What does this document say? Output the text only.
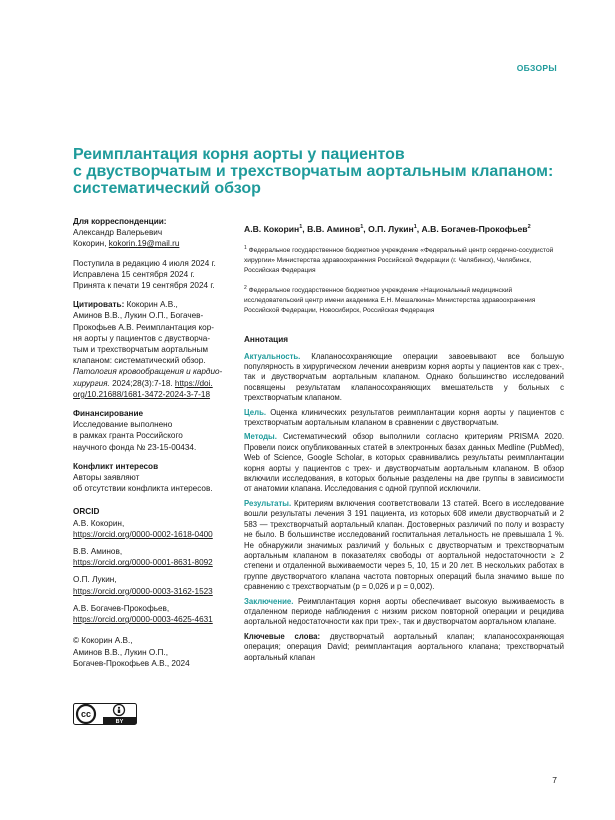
ОБЗОРЫ
Реимплантация корня аорты у пациентов
с двустворчатым и трехстворчатым аортальным клапаном:
систематический обзор
Для корреспонденции:
Александр Валерьевич
Кокорин, kokorin.19@mail.ru
Поступила в редакцию 4 июля 2024 г.
Исправлена 15 сентября 2024 г.
Принята к печати 19 сентября 2024 г.
Цитировать: Кокорин А.В.,
Аминов В.В., Лукин О.П., Богачев-
Прокофьев А.В. Реимплантация кор-
ня аорты у пациентов с двустворча-
тым и трехстворчатым аортальным
клапаном: систематический обзор.
Патология кровообращения и кардио-
хирургия. 2024;28(3):7-18. https://doi.
org/10.21688/1681-3472-2024-3-7-18
Финансирование
Исследование выполнено
в рамках гранта Российского
научного фонда № 23-15-00434.
Конфликт интересов
Авторы заявляют
об отсутствии конфликта интересов.
ORCID
А.В. Кокорин,
https://orcid.org/0000-0002-1618-0400
В.В. Аминов,
https://orcid.org/0000-0001-8631-8092
О.П. Лукин,
https://orcid.org/0000-0003-3162-1523
А.В. Богачев-Прокофьев,
https://orcid.org/0000-0003-4625-4631
© Кокорин А.В.,
Аминов В.В., Лукин О.П.,
Богачев-Прокофьев А.В., 2024
cc
BY
А.В. Кокорин$^1$, В.В. Аминов$^1$, О.П. Лукин$^1$, А.В. Богачев-Прокофьев$^2$
$^1$ Федеральное государственное бюджетное учреждение «Федеральный центр сердечно-сосудистой хирургии» Министерства здравоохранения Российской Федерации (г. Челябинск), Челябинск, Российская Федерация
$^2$ Федеральное государственное бюджетное учреждение «Национальный медицинский исследовательский центр имени академика Е.Н. Мешалкина» Министерства здравоохранения Российской Федерации, Новосибирск, Российская Федерация
Аннотация

Актуальность. Клапаносохраняющие операции завоевывают все большую популярность в хирургическом лечении аневризм корня аорты у пациентов как с трех-, так и двустворчатым аортальным клапаном. Однако большинство исследований посвящены результатам клапаносохраняющих вмешательств у больных с трехстворчатым клапаном.

Цель. Оценка клинических результатов реимплантации корня аорты у пациентов с трехстворчатым аортальным клапаном в сравнении с двустворчатым.

Методы. Систематический обзор выполнили согласно критериям PRISMA 2020. Провели поиск опубликованных статей в электронных базах данных Medline (PubMed), Web of Science, Google Scholar, в которых сравнивались результаты реимплантации корня аорты у пациентов с трех- и двустворчатым аортальным клапаном. В обзор включили исследования, в которых больные разделены на две группы в зависимости от анатомии клапана. Исследования с одной группой исключили.

Результаты. Критериям включения соответствовали 13 статей. Всего в исследование вошли результаты лечения 3 191 пациента, из которых 608 имели двустворчатый и 2 583 — трехстворчатый аортальный клапан. Достоверных различий по полу и возрасту не было. В большинстве исследований госпитальная летальность не превышала 1 %. Не обнаружили значимых различий у больных с двустворчатым и трехстворчатым аортальным клапаном в показателях свободы от аортальной недостаточности ≥ 2 степени и отдаленной выживаемости через 5, 10, 15 и 20 лет. В нескольких работах в группе двустворчатого клапана частота повторных операций была значимо выше по сравнению с трехстворчатым (p = 0,026 и p = 0,002).

Заключение. Реимплантация корня аорты обеспечивает высокую выживаемость в отдаленном периоде наблюдения с низким риском повторной операции и рецидива аортальной недостаточности как при трех-, так и двустворчатом аортальном клапане.

Ключевые слова: двустворчатый аортальный клапан; клапаносохраняющая операция; операция David; реимплантация аортального клапана; трехстворчатый аортальный клапан

7
